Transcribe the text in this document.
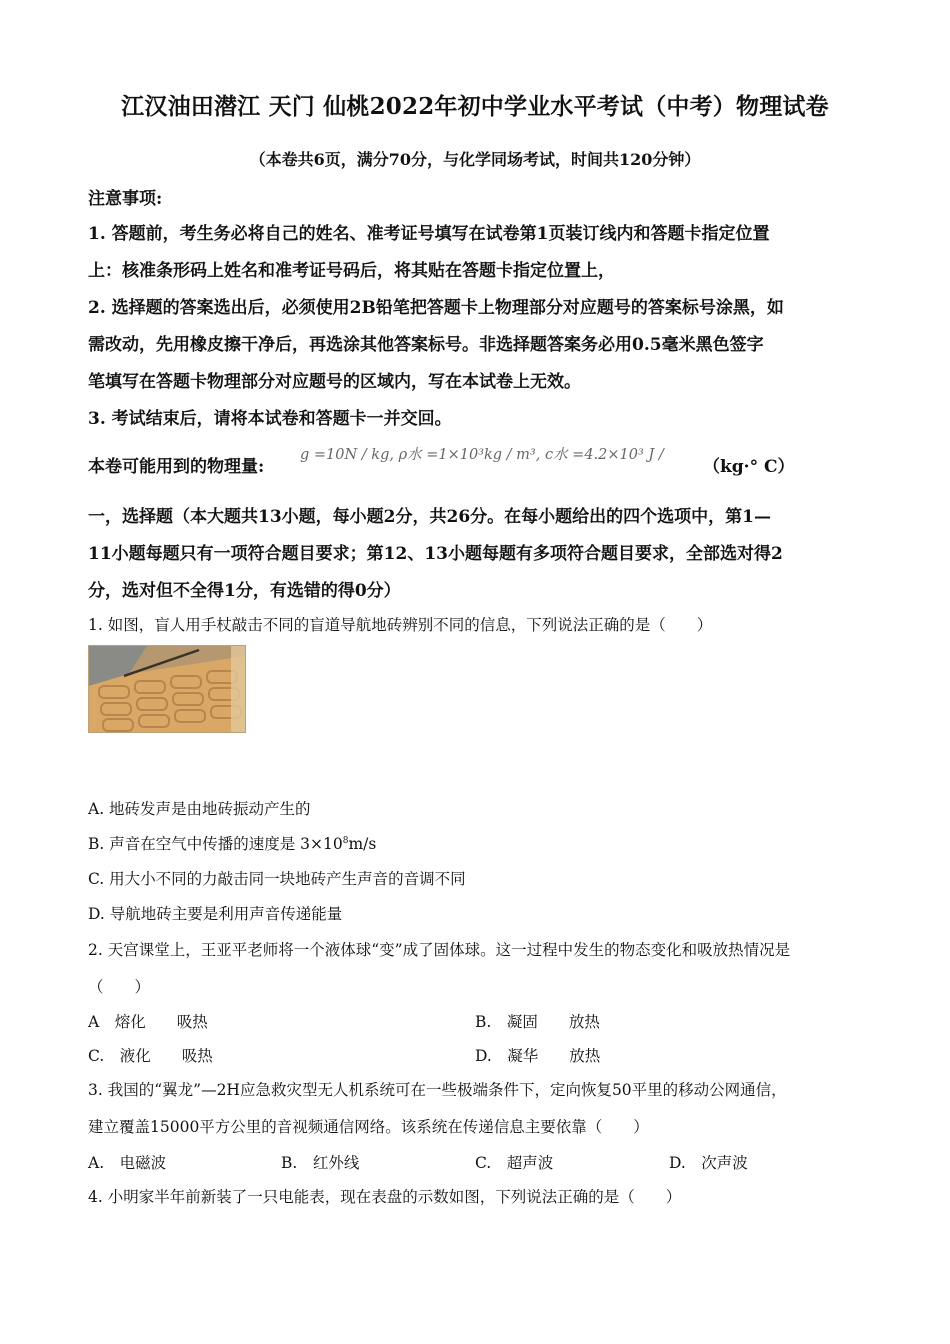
江汉油田潜江 天门 仙桃2022年初中学业水平考试（中考）物理试卷
（本卷共6页，满分70分，与化学同场考试，时间共120分钟）
注意事项:
1. 答题前，考生务必将自己的姓名、准考证号填写在试卷第1页装订线内和答题卡指定位置
上：核准条形码上姓名和准考证号码后，将其贴在答题卡指定位置上，
2. 选择题的答案选出后，必须使用2B铅笔把答题卡上物理部分对应题号的答案标号涂黑，如
需改动，先用橡皮擦干净后，再选涂其他答案标号。非选择题答案务必用0.5毫米黑色签字
笔填写在答题卡物理部分对应题号的区域内，写在本试卷上无效。
3. 考试结束后，请将本试卷和答题卡一并交回。
本卷可能用到的物理量:
g =10N / kg, ρ水 =1×10³kg / m³, c水 =4.2×10³ J /
（kg·° C）
一，选择题（本大题共13小题，每小题2分，共26分。在每小题给出的四个选项中，第1—
11小题每题只有一项符合题目要求；第12、13小题每题有多项符合题目要求，全部选对得2
分，选对但不全得1分，有选错的得0分）
1. 如图，盲人用手杖敲击不同的盲道导航地砖辨别不同的信息，下列说法正确的是（　　）
A. 地砖发声是由地砖振动产生的
B. 声音在空气中传播的速度是 $3\times 10^8m/s$
C. 用大小不同的力敲击同一块地砖产生声音的音调不同
D. 导航地砖主要是利用声音传递能量
2. 天宫课堂上，王亚平老师将一个液体球“变”成了固体球。这一过程中发生的物态变化和吸放热情况是
（　　）
A　熔化　　吸热	B.　凝固　　放热
C.　液化　　吸热	D.　凝华　　放热
3. 我国的“翼龙”—2H应急救灾型无人机系统可在一些极端条件下，定向恢复50平里的移动公网通信，
建立覆盖15000平方公里的音视频通信网络。该系统在传递信息主要依靠（　　）
A.　电磁波	B.　红外线	C.　超声波	D.　次声波
4. 小明家半年前新装了一只电能表，现在表盘的示数如图，下列说法正确的是（　　）
